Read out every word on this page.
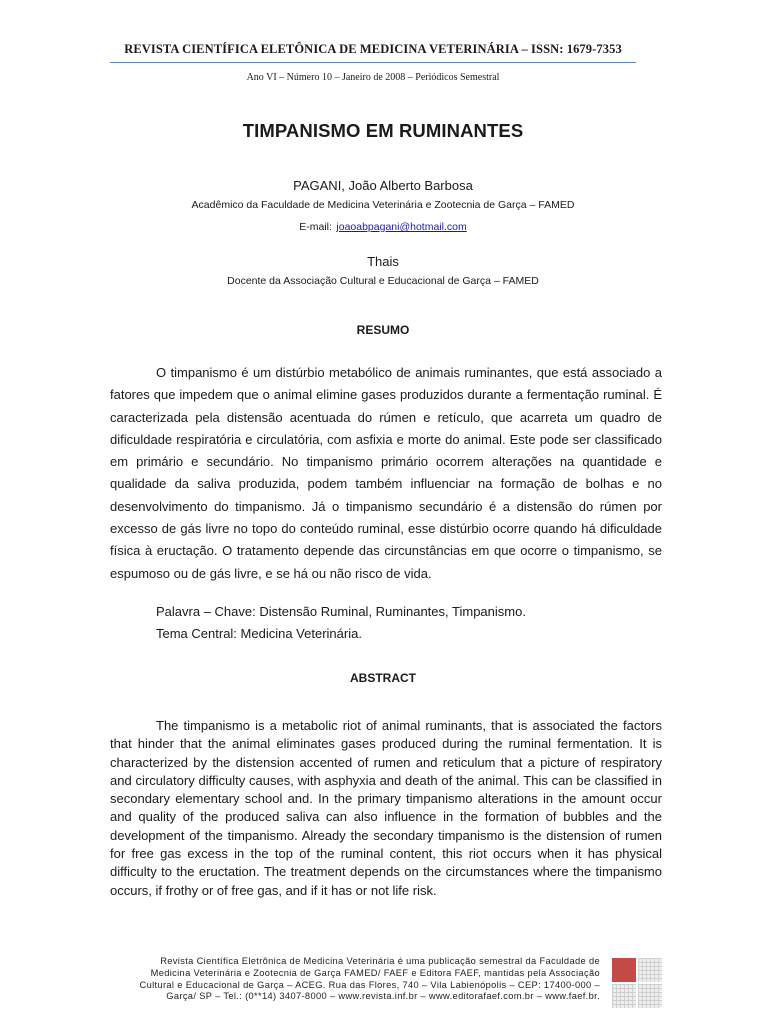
REVISTA CIENTÍFICA ELETÔNICA DE MEDICINA VETERINÁRIA – ISSN: 1679-7353
Ano VI – Número 10 – Janeiro de 2008 – Periódicos Semestral
TIMPANISMO EM RUMINANTES
PAGANI, João Alberto Barbosa
Acadêmico da Faculdade de Medicina Veterinária e Zootecnia de Garça – FAMED
E-mail: joaoabpagani@hotmail.com
Thais
Docente da Associação Cultural e Educacional de Garça – FAMED
RESUMO

O timpanismo é um distúrbio metabólico de animais ruminantes, que está associado a fatores que impedem que o animal elimine gases produzidos durante a fermentação ruminal. É caracterizada pela distensão acentuada do rúmen e retículo, que acarreta um quadro de dificuldade respiratória e circulatória, com asfixia e morte do animal. Este pode ser classificado em primário e secundário. No timpanismo primário ocorrem alterações na quantidade e qualidade da saliva produzida, podem também influenciar na formação de bolhas e no desenvolvimento do timpanismo. Já o timpanismo secundário é a distensão do rúmen por excesso de gás livre no topo do conteúdo ruminal, esse distúrbio ocorre quando há dificuldade física à eructação. O tratamento depende das circunstâncias em que ocorre o timpanismo, se espumoso ou de gás livre, e se há ou não risco de vida.

Palavra – Chave: Distensão Ruminal, Ruminantes, Timpanismo.
Tema Central: Medicina Veterinária.
ABSTRACT

The timpanismo is a metabolic riot of animal ruminants, that is associated the factors that hinder that the animal eliminates gases produced during the ruminal fermentation. It is characterized by the distension accented of rumen and reticulum that a picture of respiratory and circulatory difficulty causes, with asphyxia and death of the animal. This can be classified in secondary elementary school and. In the primary timpanismo alterations in the amount occur and quality of the produced saliva can also influence in the formation of bubbles and the development of the timpanismo. Already the secondary timpanismo is the distension of rumen for free gas excess in the top of the ruminal content, this riot occurs when it has physical difficulty to the eructation. The treatment depends on the circumstances where the timpanismo occurs, if frothy or of free gas, and if it has or not life risk.

Revista Científica Eletrônica de Medicina Veterinária é uma publicação semestral da Faculdade de
Medicina Veterinária e Zootecnia de Garça FAMED/ FAEF e Editora FAEF, mantidas pela Associação
Cultural e Educacional de Garça – ACEG. Rua das Flores, 740 – Vila Labienópolis – CEP: 17400-000 –
Garça/ SP – Tel.: (0**14) 3407-8000 – www.revista.inf.br – www.editorafaef.com.br – www.faef.br.
